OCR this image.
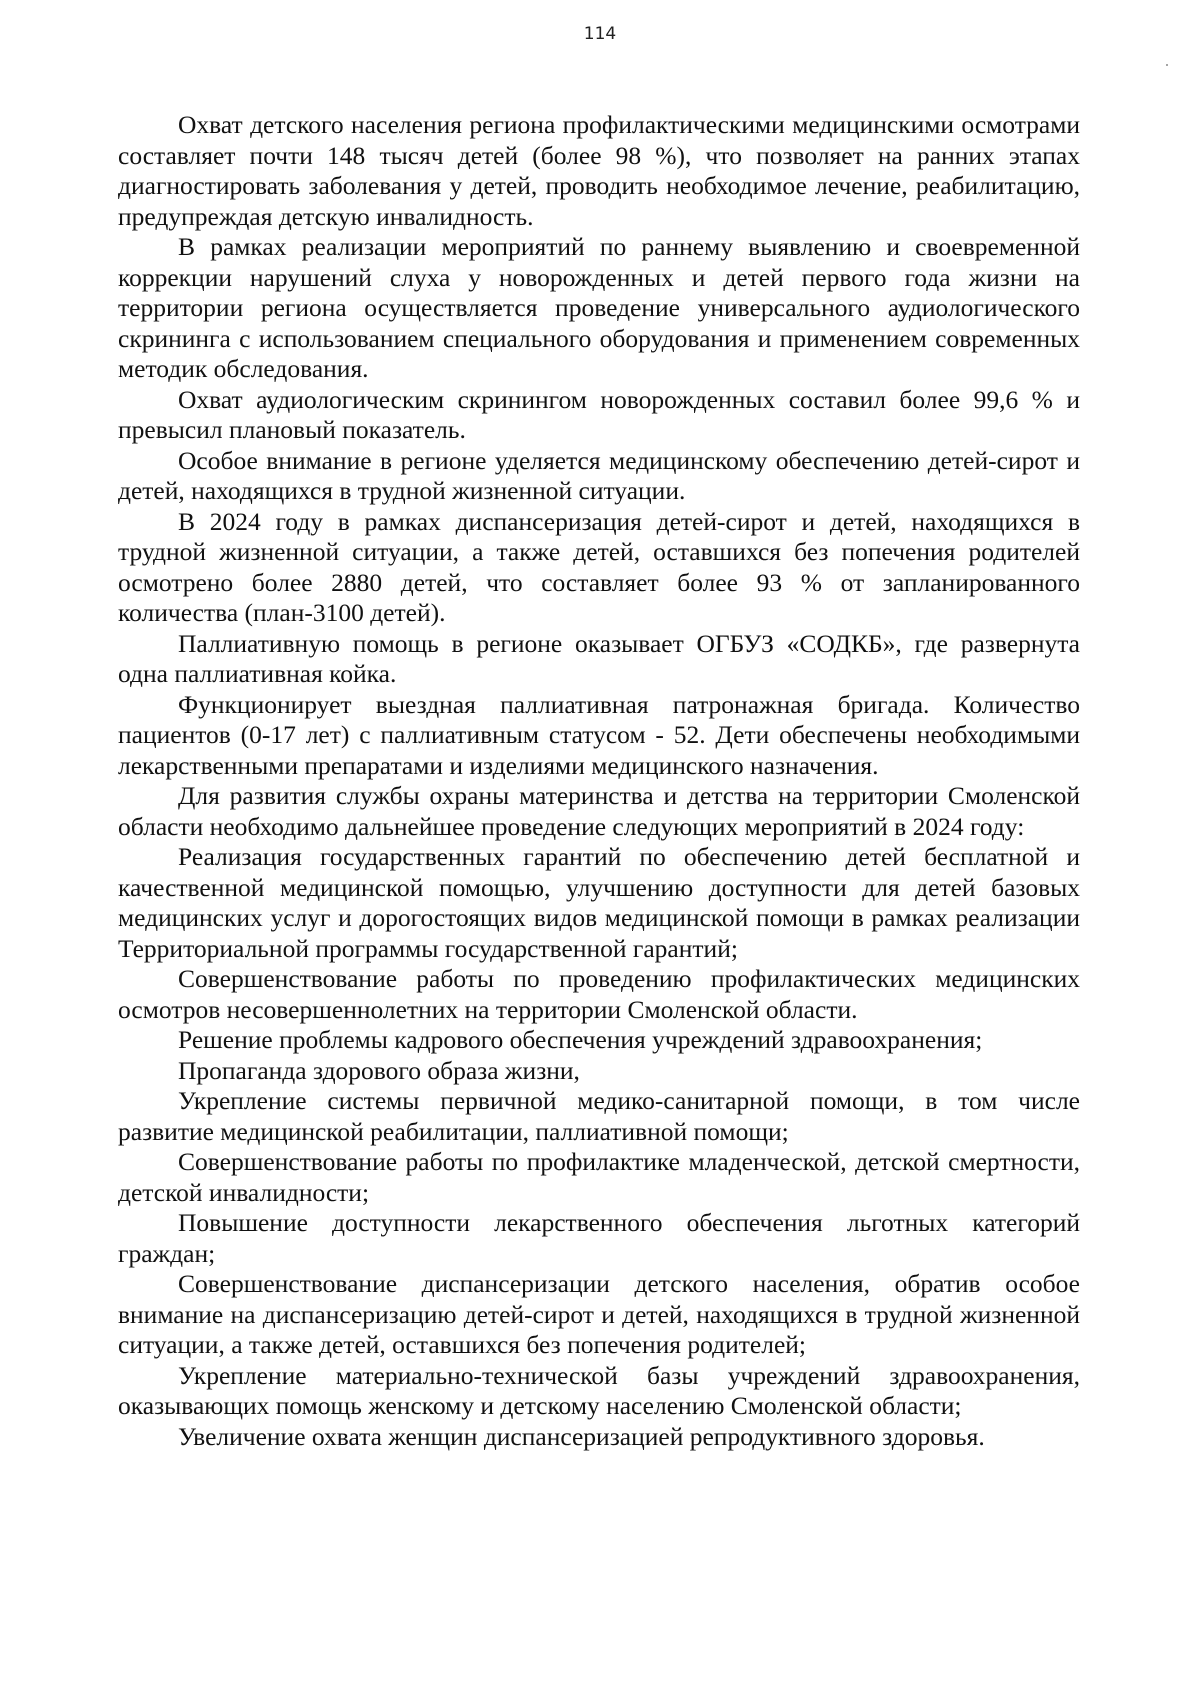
114

Охват детского населения региона профилактическими медицинскими осмотрами составляет почти 148 тысяч детей (более 98 %), что позволяет на ранних этапах диагностировать заболевания у детей, проводить необходимое лечение, реабилитацию, предупреждая детскую инвалидность.

В рамках реализации мероприятий по раннему выявлению и своевременной коррекции нарушений слуха у новорожденных и детей первого года жизни на территории региона осуществляется проведение универсального аудиологического скрининга с использованием специального оборудования и применением современных методик обследования.

Охват аудиологическим скринингом новорожденных составил более 99,6 % и превысил плановый показатель.

Особое внимание в регионе уделяется медицинскому обеспечению детей-сирот и детей, находящихся в трудной жизненной ситуации.

В 2024 году в рамках диспансеризация детей-сирот и детей, находящихся в трудной жизненной ситуации, а также детей, оставшихся без попечения родителей осмотрено более 2880 детей, что составляет более 93 % от запланированного количества (план-3100 детей).

Паллиативную помощь в регионе оказывает ОГБУЗ «СОДКБ», где развернута одна паллиативная койка.

Функционирует выездная паллиативная патронажная бригада. Количество пациентов (0-17 лет) с паллиативным статусом - 52. Дети обеспечены необходимыми лекарственными препаратами и изделиями медицинского назначения.

Для развития службы охраны материнства и детства на территории Смоленской области необходимо дальнейшее проведение следующих мероприятий в 2024 году:

Реализация государственных гарантий по обеспечению детей бесплатной и качественной медицинской помощью, улучшению доступности для детей базовых медицинских услуг и дорогостоящих видов медицинской помощи в рамках реализации Территориальной программы государственной гарантий;

Совершенствование работы по проведению профилактических медицинских осмотров несовершеннолетних на территории Смоленской области.

Решение проблемы кадрового обеспечения учреждений здравоохранения;

Пропаганда здорового образа жизни,

Укрепление системы первичной медико-санитарной помощи, в том числе развитие медицинской реабилитации, паллиативной помощи;

Совершенствование работы по профилактике младенческой, детской смертности, детской инвалидности;

Повышение доступности лекарственного обеспечения льготных категорий граждан;

Совершенствование диспансеризации детского населения, обратив особое внимание на диспансеризацию детей-сирот и детей, находящихся в трудной жизненной ситуации, а также детей, оставшихся без попечения родителей;

Укрепление материально-технической базы учреждений здравоохранения, оказывающих помощь женскому и детскому населению Смоленской области;

Увеличение охвата женщин диспансеризацией репродуктивного здоровья.
